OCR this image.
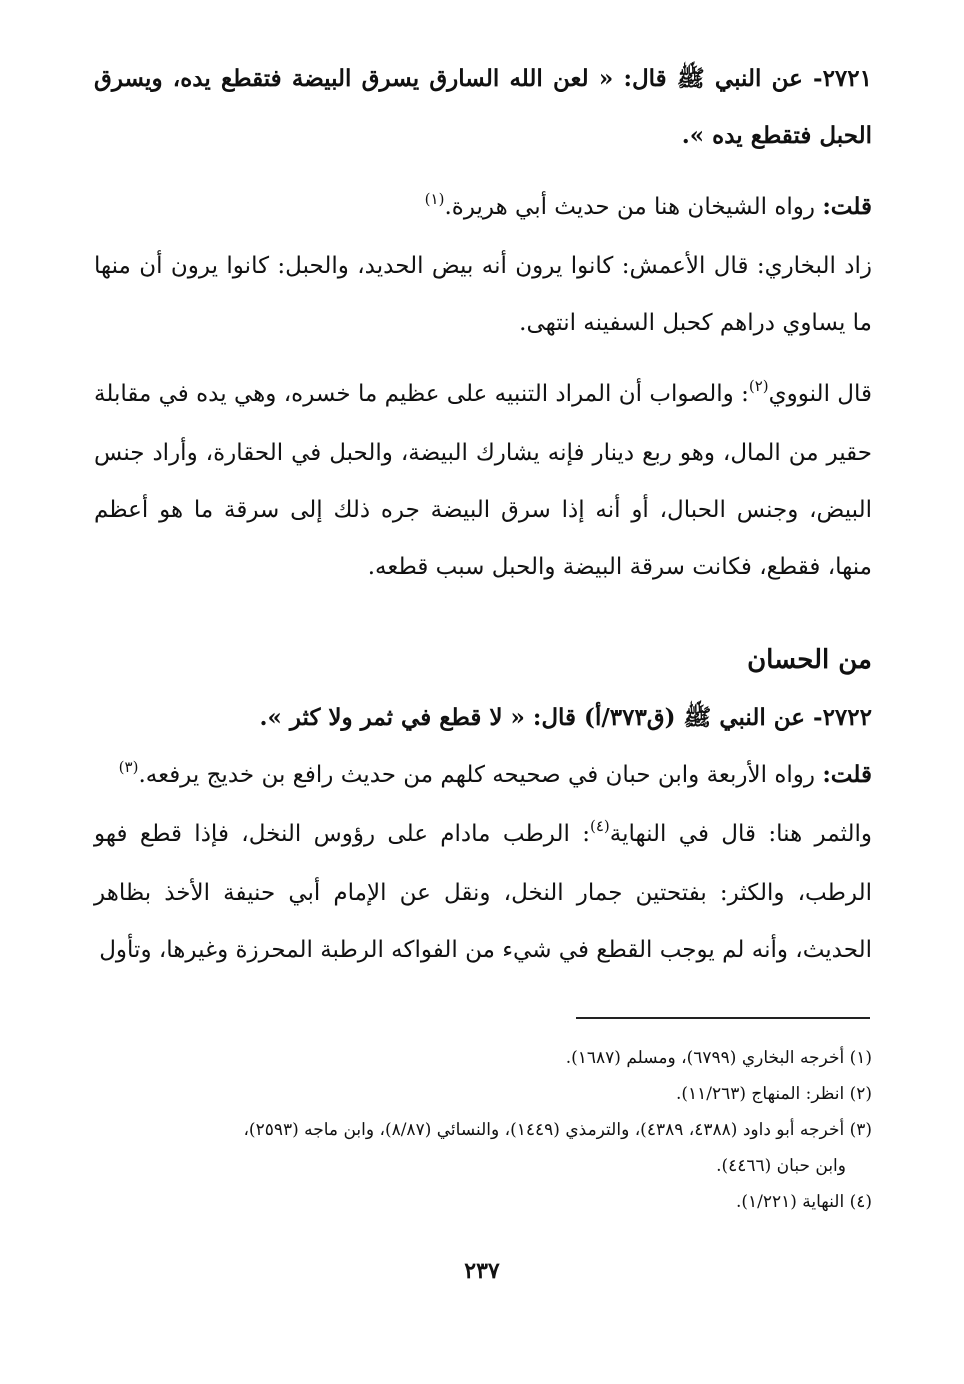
٢٧٢١- عن النبي ﷺ قال: « لعن الله السارق يسرق البيضة فتقطع يده، ويسرق الحبل فتقطع يده ».

قلت: رواه الشيخان هنا من حديث أبي هريرة.$^{(١)}$

زاد البخاري: قال الأعمش: كانوا يرون أنه بيض الحديد، والحبل: كانوا يرون أن منها ما يساوي دراهم كحبل السفينه انتهى.

قال النووي$^{(٢)}$: والصواب أن المراد التنبيه على عظيم ما خسره، وهي يده في مقابلة حقير من المال، وهو ربع دينار فإنه يشارك البيضة، والحبل في الحقارة، وأراد جنس البيض، وجنس الحبال، أو أنه إذا سرق البيضة جره ذلك إلى سرقة ما هو أعظم منها، فقطع، فكانت سرقة البيضة والحبل سبب قطعه.

من الحسان

٢٧٢٢- عن النبي ﷺ (ق٣٧٣/أ) قال: « لا قطع في ثمر ولا كثر ».

قلت: رواه الأربعة وابن حبان في صحيحه كلهم من حديث رافع بن خديج يرفعه.$^{(٣)}$

والثمر هنا: قال في النهاية$^{(٤)}$: الرطب مادام على رؤوس النخل، فإذا قطع فهو الرطب، والكثر: بفتحتين جمار النخل، ونقل عن الإمام أبي حنيفة الأخذ بظاهر الحديث، وأنه لم يوجب القطع في شيء من الفواكه الرطبة المحرزة وغيرها، وتأول

(١) أخرجه البخاري (٦٧٩٩)، ومسلم (١٦٨٧).

(٢) انظر: المنهاج (١١/٢٦٣).

(٣) أخرجه أبو داود (٤٣٨٨، ٤٣٨٩)، والترمذي (١٤٤٩)، والنسائي (٨/٨٧)، وابن ماجه (٢٥٩٣)،

وابن حبان (٤٤٦٦).

(٤) النهاية (١/٢٢١).

٢٣٧
